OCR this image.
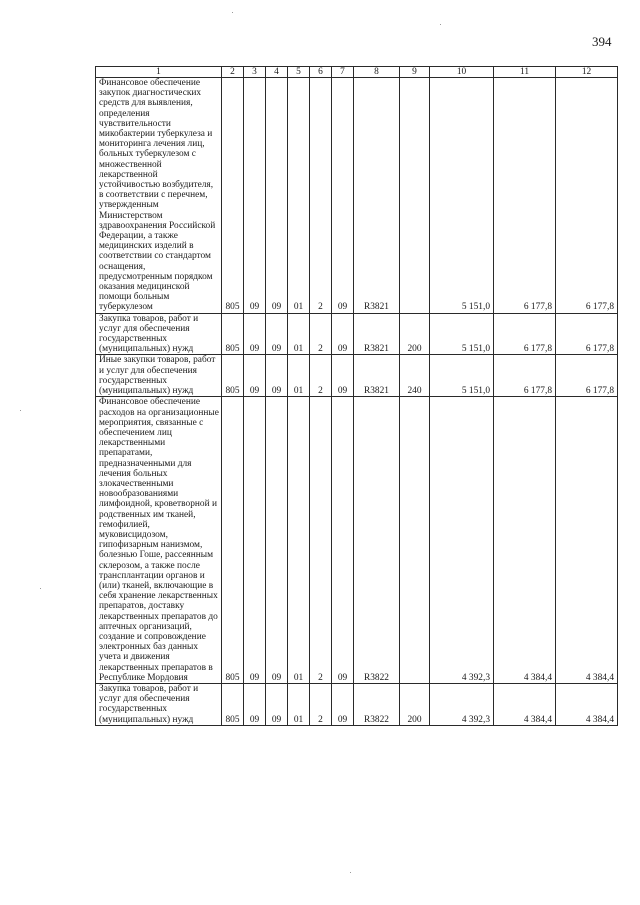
394
1	2	3	4	5	6	7	8	9	10	11	12
Финансовое обеспечение закупок диагностических средств для выявления, определения чувствительности микобактерии туберкулеза и мониторинга лечения лиц, больных туберкулезом с множественной лекарственной устойчивостью возбудителя, в соответствии с перечнем, утвержденным Министерством здравоохранения Российской Федерации, а также медицинских изделий в соответствии со стандартом оснащения, предусмотренным порядком оказания медицинской помощи больным туберкулезом	805	09	09	01	2	09	R3821		5 151,0	6 177,8	6 177,8
Закупка товаров, работ и услуг для обеспечения государственных (муниципальных) нужд	805	09	09	01	2	09	R3821	200	5 151,0	6 177,8	6 177,8
Иные закупки товаров, работ и услуг для обеспечения государственных (муниципальных) нужд	805	09	09	01	2	09	R3821	240	5 151,0	6 177,8	6 177,8
Финансовое обеспечение расходов на организационные мероприятия, связанные с обеспечением лиц лекарственными препаратами, предназначенными для лечения больных злокачественными новообразованиями лимфоидной, кроветворной и родственных им тканей, гемофилией, муковисцидозом, гипофизарным нанизмом, болезнью Гоше, рассеянным склерозом, а также после трансплантации органов и (или) тканей, включающие в себя хранение лекарственных препаратов, доставку лекарственных препаратов до аптечных организаций, создание и сопровождение электронных баз данных учета и движения лекарственных препаратов в Республике Мордовия	805	09	09	01	2	09	R3822		4 392,3	4 384,4	4 384,4
Закупка товаров, работ и услуг для обеспечения государственных (муниципальных) нужд	805	09	09	01	2	09	R3822	200	4 392,3	4 384,4	4 384,4
